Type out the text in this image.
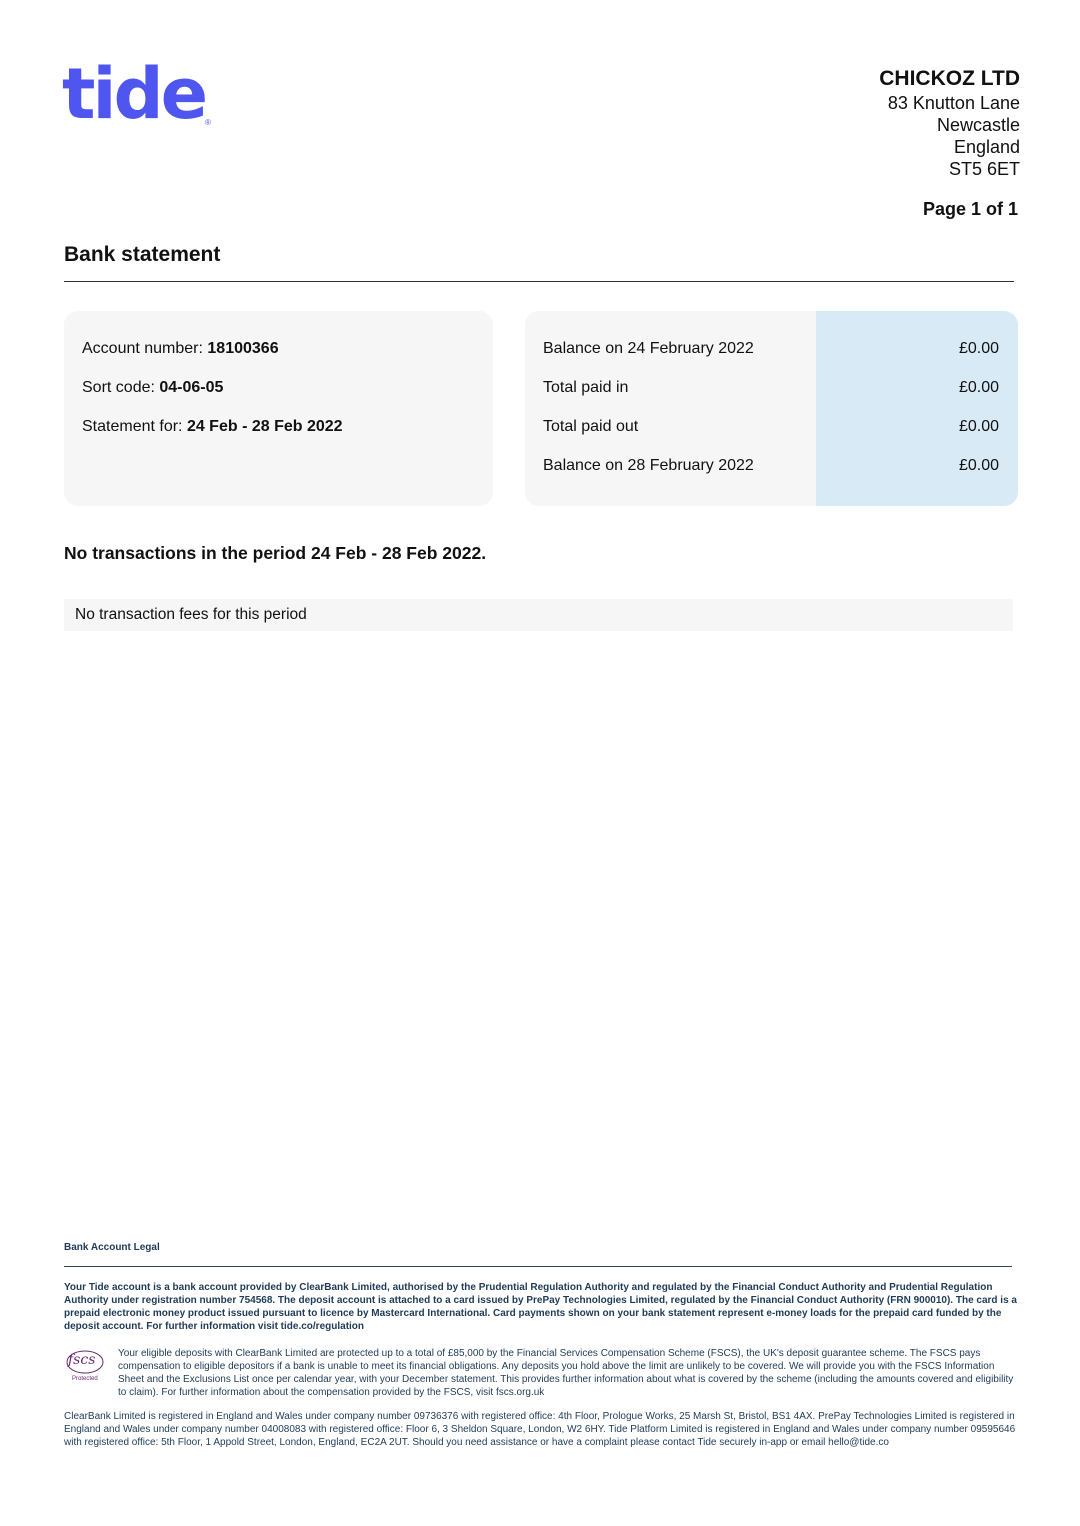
tide ®
CHICKOZ LTD
83 Knutton Lane
Newcastle
England
ST5 6ET
Page 1 of 1
Bank statement
Account number: 18100366
Sort code: 04-06-05
Statement for: 24 Feb - 28 Feb 2022
Balance on 24 February 2022	£0.00
Total paid in	£0.00
Total paid out	£0.00
Balance on 28 February 2022	£0.00
No transactions in the period 24 Feb - 28 Feb 2022.
No transaction fees for this period
Bank Account Legal
Your Tide account is a bank account provided by ClearBank Limited, authorised by the Prudential Regulation Authority and regulated by the Financial Conduct Authority and Prudential Regulation Authority under registration number 754568. The deposit account is attached to a card issued by PrePay Technologies Limited, regulated by the Financial Conduct Authority (FRN 900010). The card is a prepaid electronic money product issued pursuant to licence by Mastercard International. Card payments shown on your bank statement represent e-money loads for the prepaid card funded by the deposit account. For further information visit tide.co/regulation
fscs
Protected
Your eligible deposits with ClearBank Limited are protected up to a total of £85,000 by the Financial Services Compensation Scheme (FSCS), the UK's deposit guarantee scheme. The FSCS pays compensation to eligible depositors if a bank is unable to meet its financial obligations. Any deposits you hold above the limit are unlikely to be covered. We will provide you with the FSCS Information Sheet and the Exclusions List once per calendar year, with your December statement. This provides further information about what is covered by the scheme (including the amounts covered and eligibility to claim). For further information about the compensation provided by the FSCS, visit fscs.org.uk
ClearBank Limited is registered in England and Wales under company number 09736376 with registered office: 4th Floor, Prologue Works, 25 Marsh St, Bristol, BS1 4AX. PrePay Technologies Limited is registered in England and Wales under company number 04008083 with registered office: Floor 6, 3 Sheldon Square, London, W2 6HY. Tide Platform Limited is registered in England and Wales under company number 09595646 with registered office: 5th Floor, 1 Appold Street, London, England, EC2A 2UT. Should you need assistance or have a complaint please contact Tide securely in-app or email hello@tide.co
